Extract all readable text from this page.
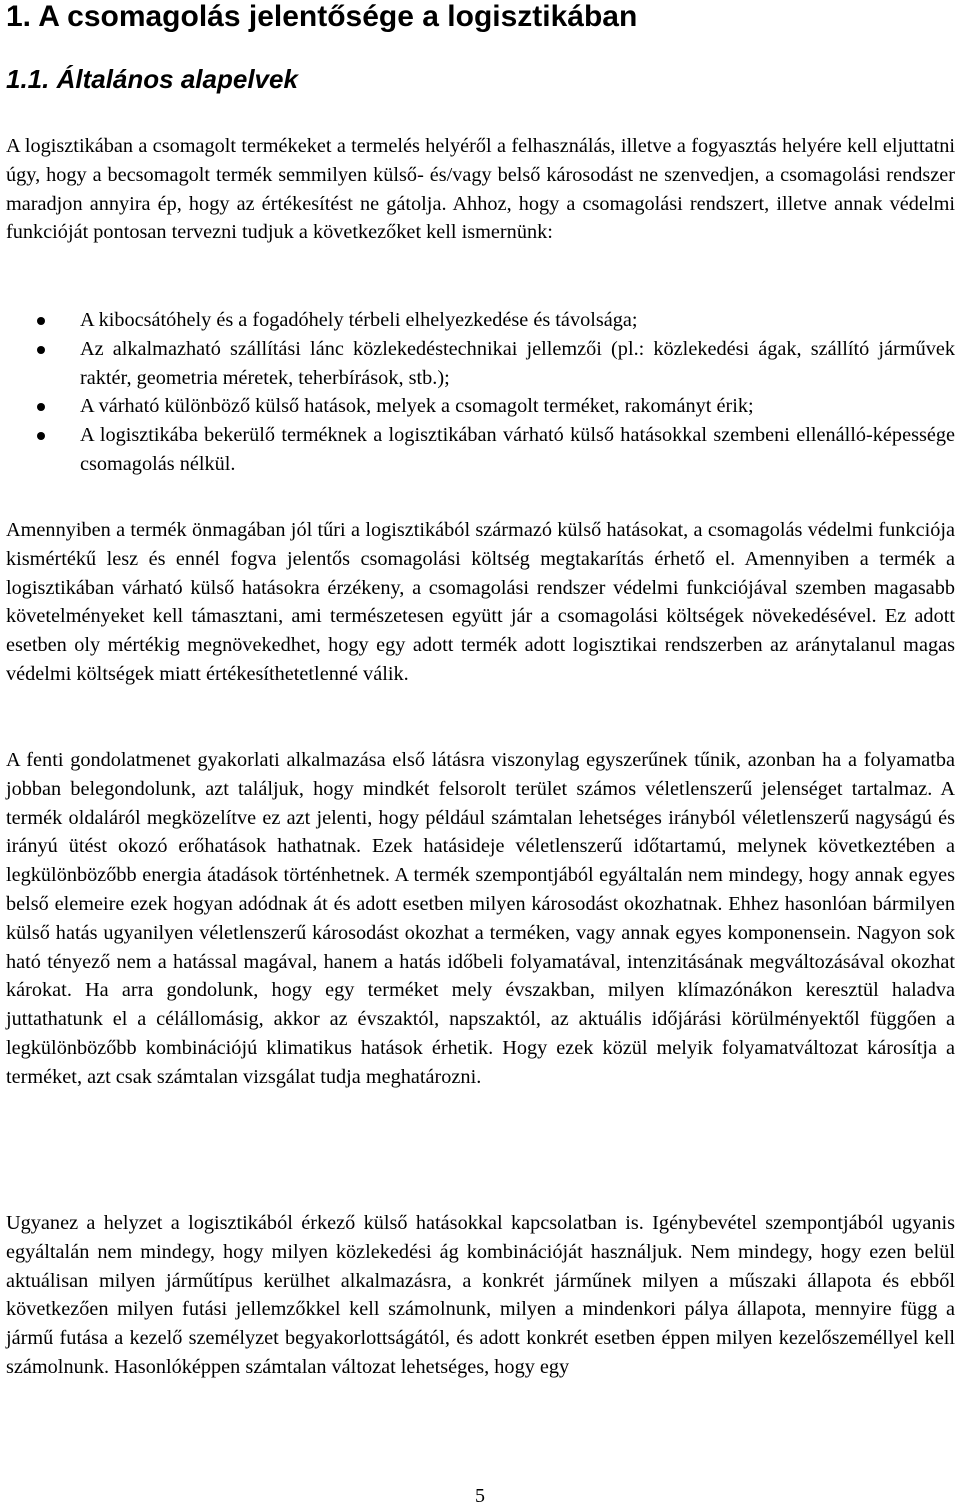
1. A csomagolás jelentősége a logisztikában
1.1. Általános alapelvek

A logisztikában a csomagolt termékeket a termelés helyéről a felhasználás, illetve a fogyasztás helyére kell eljuttatni úgy, hogy a becsomagolt termék semmilyen külső- és/vagy belső károsodást ne szenvedjen, a csomagolási rendszer maradjon annyira ép, hogy az értékesítést ne gátolja. Ahhoz, hogy a csomagolási rendszert, illetve annak védelmi funkcióját pontosan tervezni tudjuk a következőket kell ismernünk:

A kibocsátóhely és a fogadóhely térbeli elhelyezkedése és távolsága;
Az alkalmazható szállítási lánc közlekedéstechnikai jellemzői (pl.: közlekedési ágak, szállító járművek raktér, geometria méretek, teherbírások, stb.);
A várható különböző külső hatások, melyek a csomagolt terméket, rakományt érik;
A logisztikába bekerülő terméknek a logisztikában várható külső hatásokkal szembeni ellenálló-képessége csomagolás nélkül.

Amennyiben a termék önmagában jól tűri a logisztikából származó külső hatásokat, a csomagolás védelmi funkciója kismértékű lesz és ennél fogva jelentős csomagolási költség megtakarítás érhető el. Amennyiben a termék a logisztikában várható külső hatásokra érzékeny, a csomagolási rendszer védelmi funkciójával szemben magasabb követelményeket kell támasztani, ami természetesen együtt jár a csomagolási költségek növekedésével. Ez adott esetben oly mértékig megnövekedhet, hogy egy adott termék adott logisztikai rendszerben az aránytalanul magas védelmi költségek miatt értékesíthetetlenné válik.

A fenti gondolatmenet gyakorlati alkalmazása első látásra viszonylag egyszerűnek tűnik, azonban ha a folyamatba jobban belegondolunk, azt találjuk, hogy mindkét felsorolt terület számos véletlenszerű jelenséget tartalmaz. A termék oldaláról megközelítve ez azt jelenti, hogy például számtalan lehetséges irányból véletlenszerű nagyságú és irányú ütést okozó erőhatások hathatnak. Ezek hatásideje véletlenszerű időtartamú, melynek következtében a legkülönbözőbb energia átadások történhetnek. A termék szempontjából egyáltalán nem mindegy, hogy annak egyes belső elemeire ezek hogyan adódnak át és adott esetben milyen károsodást okozhatnak. Ehhez hasonlóan bármilyen külső hatás ugyanilyen véletlenszerű károsodást okozhat a terméken, vagy annak egyes komponensein. Nagyon sok ható tényező nem a hatással magával, hanem a hatás időbeli folyamatával, intenzitásának megváltozásával okozhat károkat. Ha arra gondolunk, hogy egy terméket mely évszakban, milyen klímazónákon keresztül haladva juttathatunk el a célállomásig, akkor az évszaktól, napszaktól, az aktuális időjárási körülményektől függően a legkülönbözőbb kombinációjú klimatikus hatások érhetik. Hogy ezek közül melyik folyamatváltozat károsítja a terméket, azt csak számtalan vizsgálat tudja meghatározni.

Ugyanez a helyzet a logisztikából érkező külső hatásokkal kapcsolatban is. Igénybevétel szempontjából ugyanis egyáltalán nem mindegy, hogy milyen közlekedési ág kombinációját használjuk. Nem mindegy, hogy ezen belül aktuálisan milyen járműtípus kerülhet alkalmazásra, a konkrét járműnek milyen a műszaki állapota és ebből következően milyen futási jellemzőkkel kell számolnunk, milyen a mindenkori pálya állapota, mennyire függ a jármű futása a kezelő személyzet begyakorlottságától, és adott konkrét esetben éppen milyen kezelőszeméllyel kell számolnunk. Hasonlóképpen számtalan változat lehetséges, hogy egy

5
